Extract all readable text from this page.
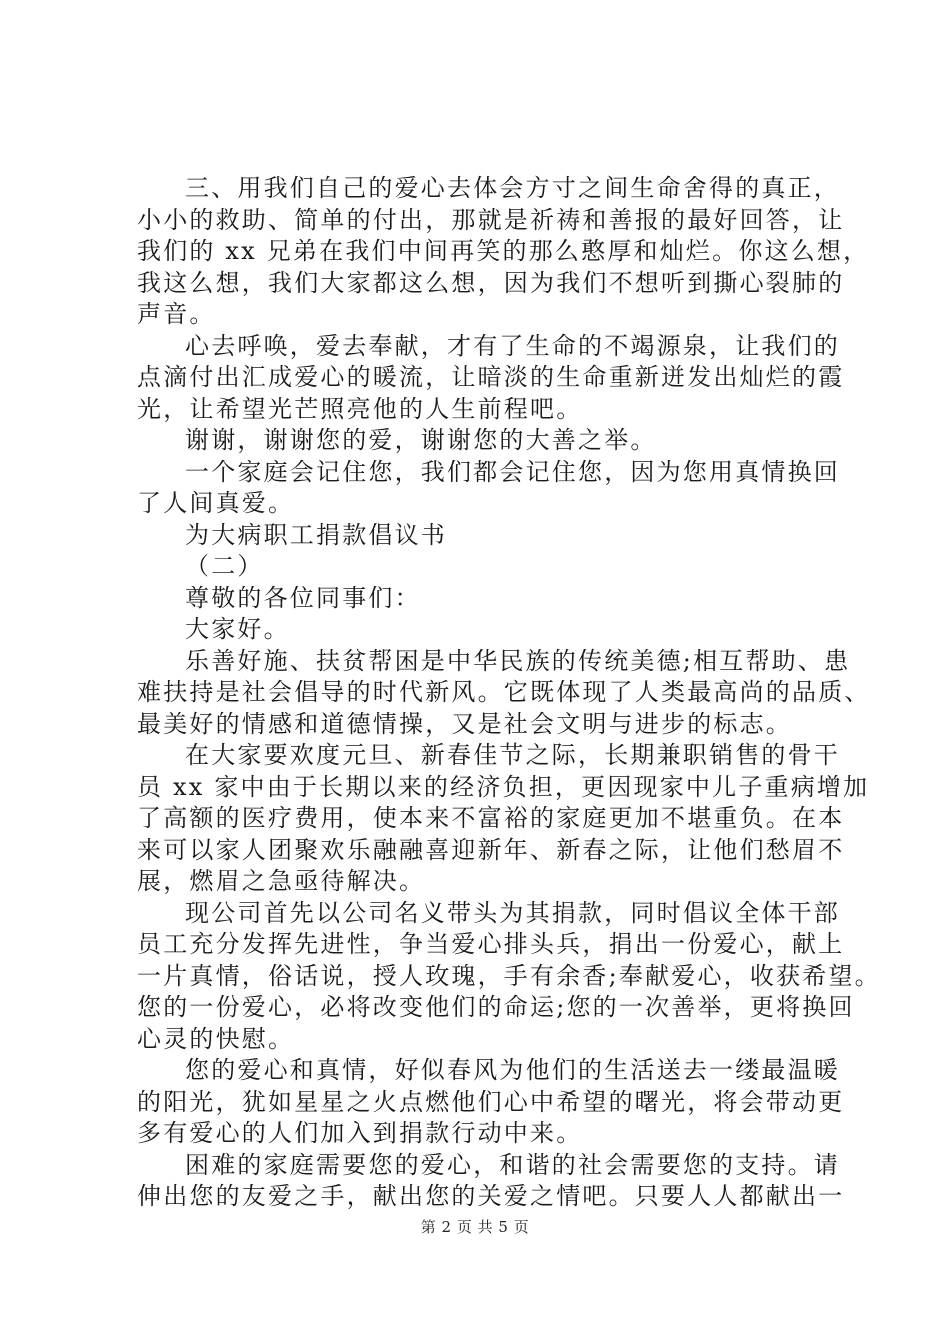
三、用我们自己的爱心去体会方寸之间生命舍得的真正，
小小的救助、简单的付出，那就是祈祷和善报的最好回答，让
我们的 xx 兄弟在我们中间再笑的那么憨厚和灿烂。你这么想，
我这么想，我们大家都这么想，因为我们不想听到撕心裂肺的
声音。
心去呼唤，爱去奉献，才有了生命的不竭源泉，让我们的
点滴付出汇成爱心的暖流，让暗淡的生命重新迸发出灿烂的霞
光，让希望光芒照亮他的人生前程吧。
谢谢，谢谢您的爱，谢谢您的大善之举。
一个家庭会记住您，我们都会记住您，因为您用真情换回
了人间真爱。
为大病职工捐款倡议书
（二）
尊敬的各位同事们：
大家好。
乐善好施、扶贫帮困是中华民族的传统美德;相互帮助、患
难扶持是社会倡导的时代新风。它既体现了人类最高尚的品质、
最美好的情感和道德情操，又是社会文明与进步的标志。
在大家要欢度元旦、新春佳节之际，长期兼职销售的骨干
员 xx 家中由于长期以来的经济负担，更因现家中儿子重病增加
了高额的医疗费用，使本来不富裕的家庭更加不堪重负。在本
来可以家人团聚欢乐融融喜迎新年、新春之际，让他们愁眉不
展，燃眉之急亟待解决。
现公司首先以公司名义带头为其捐款，同时倡议全体干部
员工充分发挥先进性，争当爱心排头兵，捐出一份爱心，献上
一片真情，俗话说，授人玫瑰，手有余香;奉献爱心，收获希望。
您的一份爱心，必将改变他们的命运;您的一次善举，更将换回
心灵的快慰。
您的爱心和真情，好似春风为他们的生活送去一缕最温暖
的阳光，犹如星星之火点燃他们心中希望的曙光，将会带动更
多有爱心的人们加入到捐款行动中来。
困难的家庭需要您的爱心，和谐的社会需要您的支持。请
伸出您的友爱之手，献出您的关爱之情吧。只要人人都献出一
第 2 页 共 5 页
